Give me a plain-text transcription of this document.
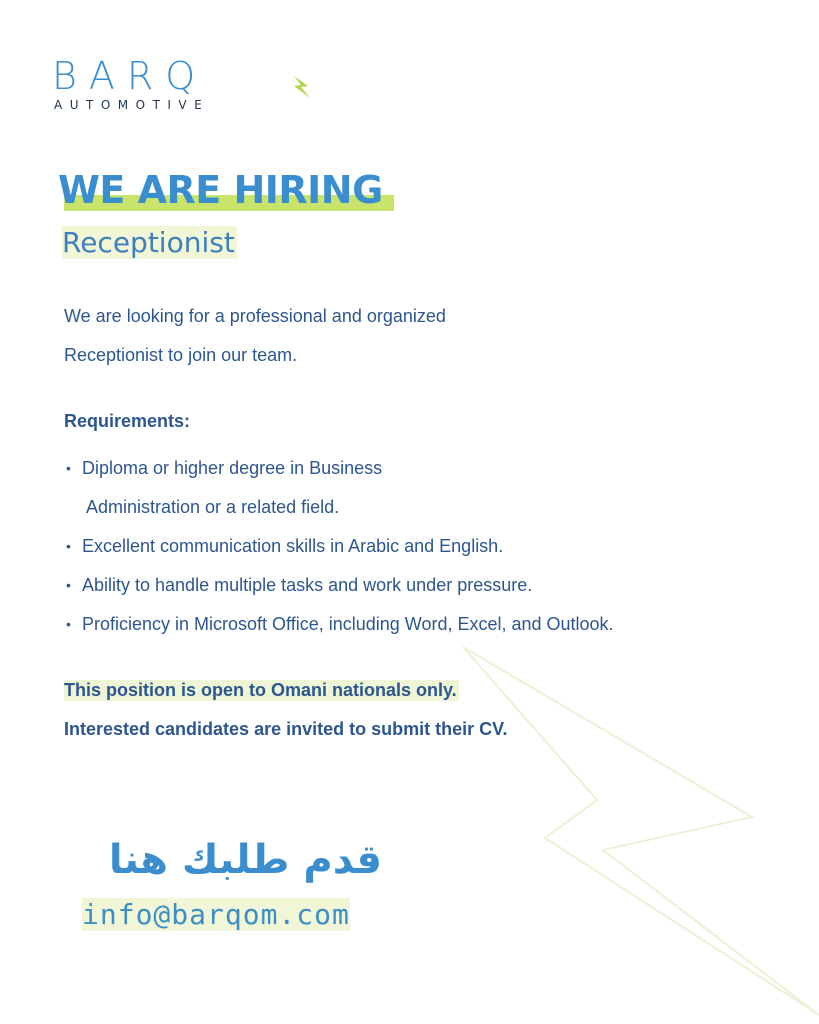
BARQ
AUTOMOTIVE
WE ARE HIRING
Receptionist
We are looking for a professional and organized
Receptionist to join our team.
Requirements:
• Diploma or higher degree in Business
Administration or a related field.
• Excellent communication skills in Arabic and English.
• Ability to handle multiple tasks and work under pressure.
• Proficiency in Microsoft Office, including Word, Excel, and Outlook.
This position is open to Omani nationals only.
Interested candidates are invited to submit their CV.
قدم طلبك هنا
info@barqom.com
